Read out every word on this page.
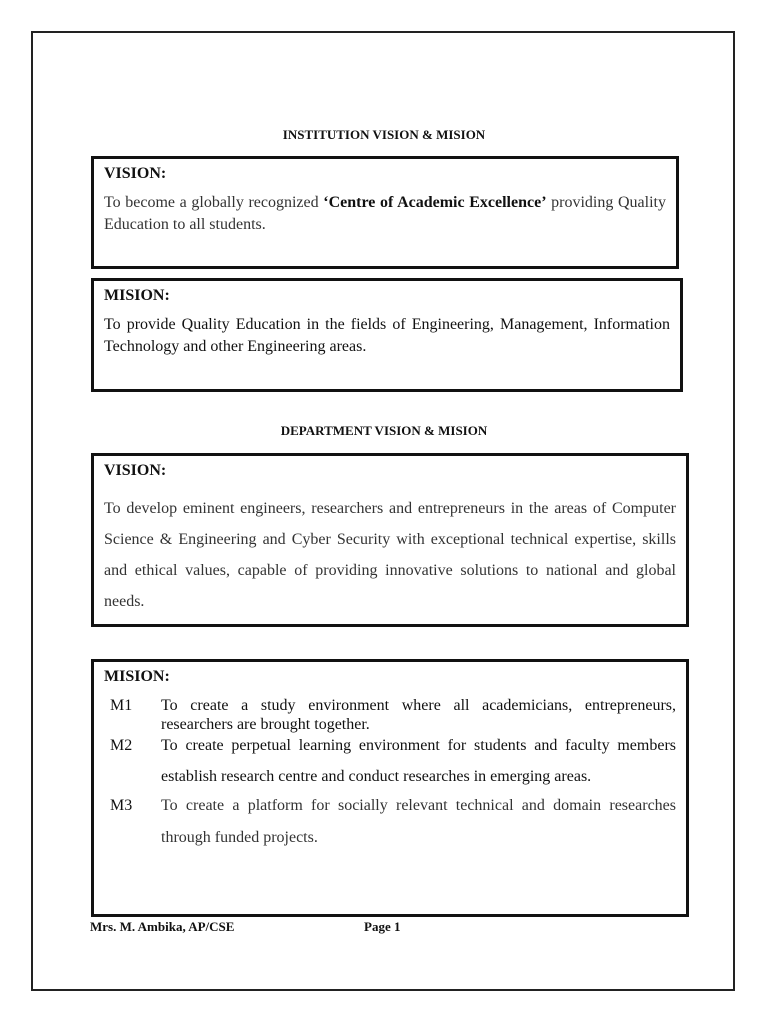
INSTITUTION VISION & MISION
VISION:

To become a globally recognized ‘Centre of Academic Excellence’ providing Quality Education to all students.

MISION:

To provide Quality Education in the fields of Engineering, Management, Information Technology and other Engineering areas.

DEPARTMENT VISION & MISION
VISION:

To develop eminent engineers, researchers and entrepreneurs in the areas of Computer Science & Engineering and Cyber Security with exceptional technical expertise, skills and ethical values, capable of providing innovative solutions to national and global needs.

MISION:
M1	To create a study environment where all academicians, entrepreneurs, researchers are brought together.
M2	To create perpetual learning environment for students and faculty members establish research centre and conduct researches in emerging areas.
M3	To create a platform for socially relevant technical and domain researches through funded projects.
Mrs. M. Ambika, AP/CSE	Page 1
